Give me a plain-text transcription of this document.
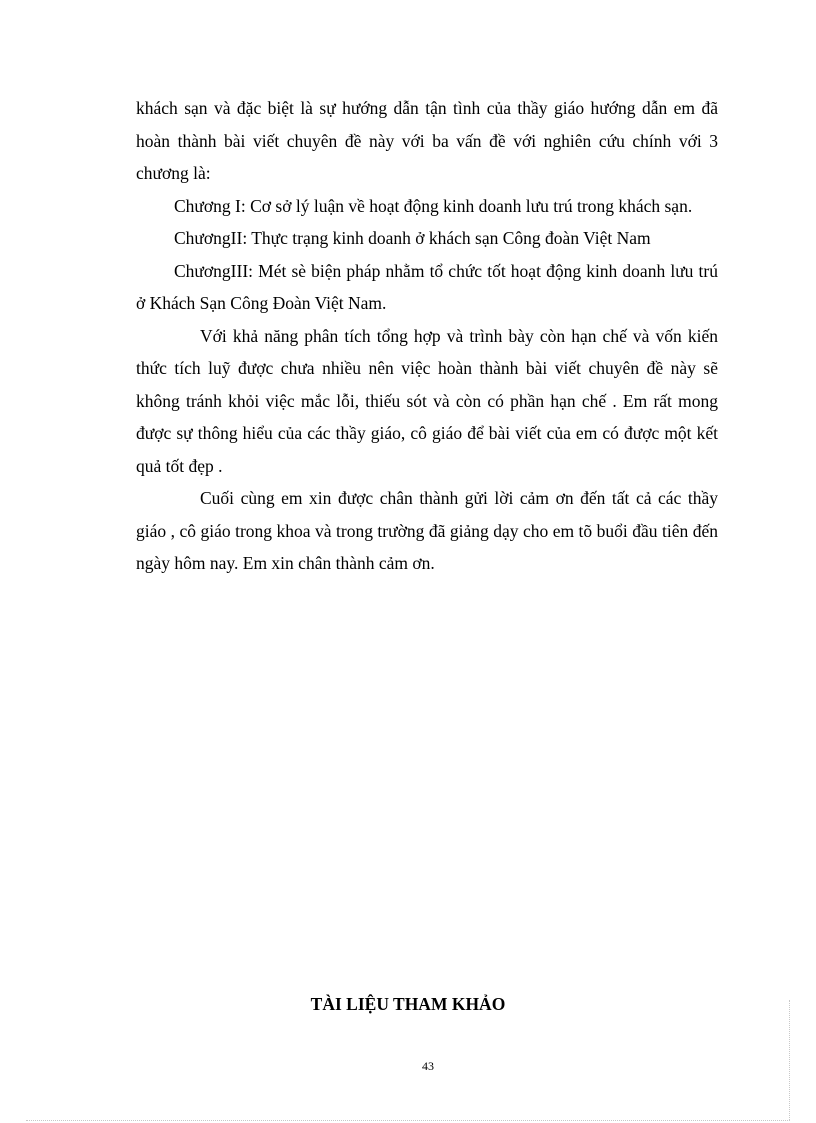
khách sạn và đặc biệt là sự hướng dẫn tận tình của thầy giáo hướng dẫn em đã hoàn thành bài viết chuyên đề này với ba vấn đề với nghiên cứu chính với 3 chương là:

Chương I: Cơ sở lý luận về hoạt động kinh doanh lưu trú trong khách sạn.

ChươngII: Thực trạng kinh doanh ở khách sạn Công đoàn Việt Nam

ChươngIII: Mét sè biện pháp nhằm tổ chức tốt hoạt động kinh doanh lưu trú ở Khách Sạn Công Đoàn Việt Nam.

Với khả năng phân tích tổng hợp và trình bày còn hạn chế và vốn kiến thức tích luỹ được chưa nhiều nên việc hoàn thành bài viết chuyên đề này sẽ không tránh khỏi việc mắc lỗi, thiếu sót và còn có phần hạn chế . Em rất mong được sự thông hiểu của các thầy giáo, cô giáo để bài viết của em có được một kết quả tốt đẹp .

Cuối cùng em xin được chân thành gửi lời cảm ơn đến tất cả các thầy giáo , cô giáo trong khoa và trong trường đã giảng dạy cho em tõ buổi đầu tiên đến ngày hôm nay. Em xin chân thành cảm ơn.

TÀI LIỆU THAM KHẢO
43
